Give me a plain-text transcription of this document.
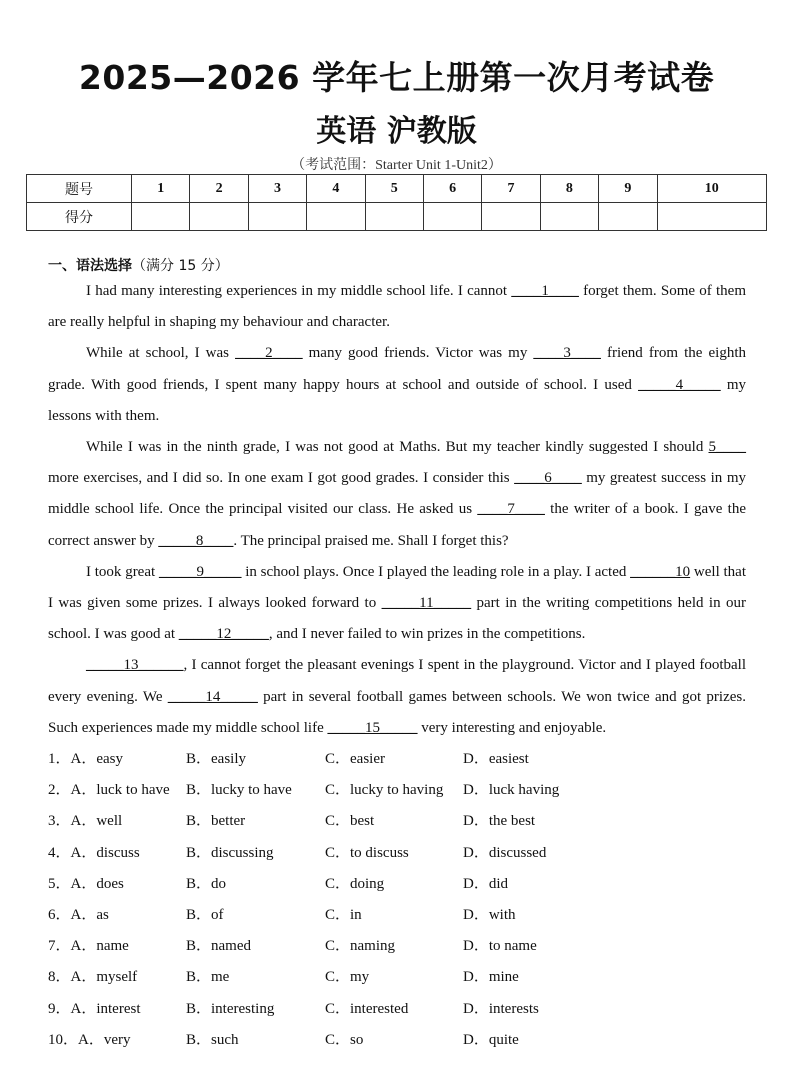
2025—2026 学年七上册第一次月考试卷
英语 沪教版
（考试范围：Starter Unit 1-Unit2）
题号	1	2	3	4	5	6	7	8	9	10
得分										
一、语法选择（满分 15 分）

I had many interesting experiences in my middle school life. I cannot ____1____ forget them. Some of them are really helpful in shaping my behaviour and character.

While at school, I was ____2____ many good friends. Victor was my ____3____ friend from the eighth grade. With good friends, I spent many happy hours at school and outside of school. I used _____4_____ my lessons with them.

While I was in the ninth grade, I was not good at Maths. But my teacher kindly suggested I should 5____ more exercises, and I did so. In one exam I got good grades. I consider this ____6____ my greatest success in my middle school life. Once the principal visited our class. He asked us ____7____ the writer of a book. I gave the correct answer by _____8____. The principal praised me. Shall I forget this?

I took great _____9_____ in school plays. Once I played the leading role in a play. I acted ______10 well that I was given some prizes. I always looked forward to _____11_____ part in the writing competitions held in our school. I was good at _____12_____, and I never failed to win prizes in the competitions.

_____13______, I cannot forget the pleasant evenings I spent in the playground. Victor and I played football every evening. We _____14_____ part in several football games between schools. We won twice and got prizes. Such experiences made my middle school life _____15_____ very interesting and enjoyable.

1．A．easy	B．easily	C．easier	D．easiest
2．A．luck to have B．lucky to have C．lucky to having D．luck having
3．A．well	B．better	C．best	D．the best
4．A．discuss	B．discussing	C．to discuss	D．discussed
5．A．does	B．do	C．doing	D．did
6．A．as	B．of	C．in	D．with
7．A．name	B．named	C．naming	D．to name
8．A．myself	B．me	C．my	D．mine
9．A．interest	B．interesting	C．interested	D．interests
10．A．very	B．such	C．so	D．quite
